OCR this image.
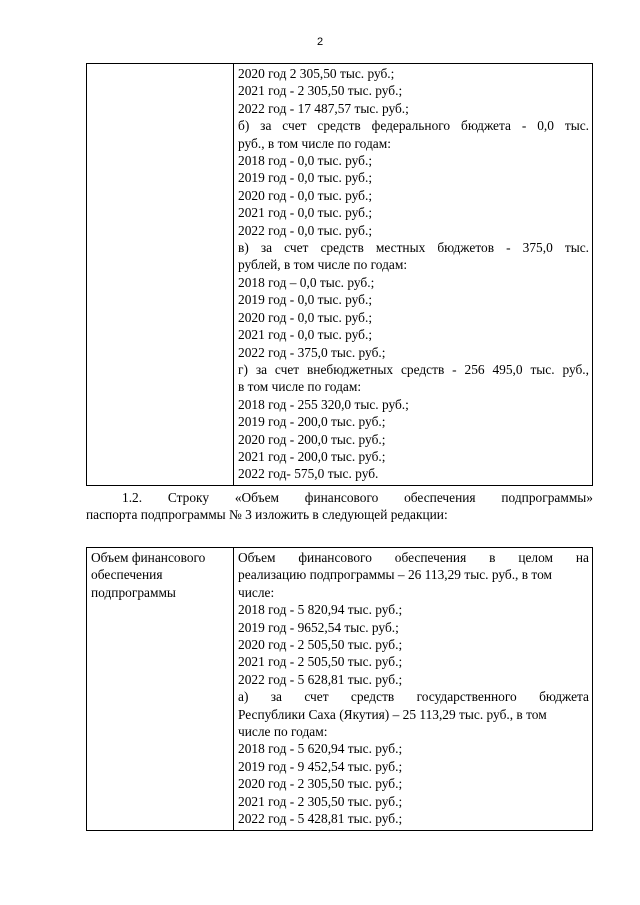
2

2020 год 2 305,50 тыс. руб.;
2021 год - 2 305,50 тыс. руб.;
2022 год - 17 487,57 тыс. руб.;
б) за счет средств федерального бюджета - 0,0 тыс.
руб., в том числе по годам:
2018 год - 0,0 тыс. руб.;
2019 год - 0,0 тыс. руб.;
2020 год - 0,0 тыс. руб.;
2021 год - 0,0 тыс. руб.;
2022 год - 0,0 тыс. руб.;
в) за счет средств местных бюджетов - 375,0 тыс.
рублей, в том числе по годам:
2018 год – 0,0 тыс. руб.;
2019 год - 0,0 тыс. руб.;
2020 год - 0,0 тыс. руб.;
2021 год - 0,0 тыс. руб.;
2022 год - 375,0 тыс. руб.;
г) за счет внебюджетных средств - 256 495,0 тыс. руб.,
в том числе по годам:
2018 год - 255 320,0 тыс. руб.;
2019 год - 200,0 тыс. руб.;
2020 год - 200,0 тыс. руб.;
2021 год - 200,0 тыс. руб.;
2022 год- 575,0 тыс. руб.
1.2. Строку «Объем финансового обеспечения подпрограммы»
паспорта подпрограммы № 3 изложить в следующей редакции:
Объем финансового
обеспечения
подпрограммы

Объем финансового обеспечения в целом на
реализацию подпрограммы – 26 113,29 тыс. руб., в том
числе:
2018 год - 5 820,94 тыс. руб.;
2019 год - 9652,54 тыс. руб.;
2020 год - 2 505,50 тыс. руб.;
2021 год - 2 505,50 тыс. руб.;
2022 год - 5 628,81 тыс. руб.;
а) за счет средств государственного бюджета
Республики Саха (Якутия) – 25 113,29 тыс. руб., в том
числе по годам:
2018 год - 5 620,94 тыс. руб.;
2019 год - 9 452,54 тыс. руб.;
2020 год - 2 305,50 тыс. руб.;
2021 год - 2 305,50 тыс. руб.;
2022 год - 5 428,81 тыс. руб.;
